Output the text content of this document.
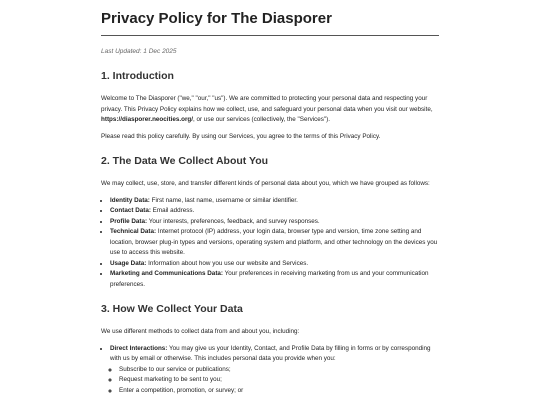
Privacy Policy for The Diasporer

Last Updated: 1 Dec 2025

1. Introduction

Welcome to The Diasporer ("we," "our," "us"). We are committed to protecting your personal data and respecting your privacy. This Privacy Policy explains how we collect, use, and safeguard your personal data when you visit our website, https://diasporer.neocities.org/, or use our services (collectively, the "Services").

Please read this policy carefully. By using our Services, you agree to the terms of this Privacy Policy.

2. The Data We Collect About You

We may collect, use, store, and transfer different kinds of personal data about you, which we have grouped as follows:

• Identity Data: First name, last name, username or similar identifier.
• Contact Data: Email address.
• Profile Data: Your interests, preferences, feedback, and survey responses.
• Technical Data: Internet protocol (IP) address, your login data, browser type and version, time zone setting and location, browser plug-in types and versions, operating system and platform, and other technology on the devices you use to access this website.
• Usage Data: Information about how you use our website and Services.
• Marketing and Communications Data: Your preferences in receiving marketing from us and your communication preferences.
3. How We Collect Your Data

We use different methods to collect data from and about you, including:

• Direct Interactions: You may give us your Identity, Contact, and Profile Data by filling in forms or by corresponding with us by email or otherwise. This includes personal data you provide when you:
◦ Subscribe to our service or publications;
◦ Request marketing to be sent to you;
◦ Enter a competition, promotion, or survey; or
